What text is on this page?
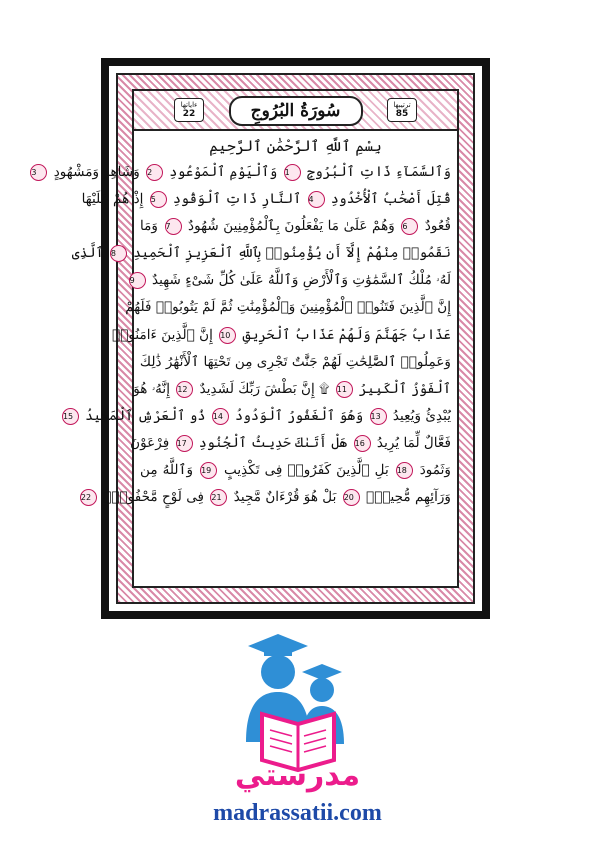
ءاياتها
22	سُورَةُ البُرُوجِ	ترتيبها
85
بِسْمِ ٱللَّهِ ٱلرَّحْمَٰنِ ٱلرَّحِيمِ
وَٱلسَّمَآءِ ذَاتِ ٱلْبُرُوجِ 1 وَٱلْيَوْمِ ٱلْمَوْعُودِ 2 وَشَاهِدٍ وَمَشْهُودٍ 3
قُتِلَ أَصْحَٰبُ ٱلْأُخْدُودِ 4 ٱلنَّارِ ذَاتِ ٱلْوَقُودِ 5 إِذْ هُمْ عَلَيْهَا
قُعُودٌ 6 وَهُمْ عَلَىٰ مَا يَفْعَلُونَ بِٱلْمُؤْمِنِينَ شُهُودٌ 7 وَمَا
نَقَمُوا۟ مِنْهُمْ إِلَّآ أَن يُؤْمِنُوا۟ بِٱللَّهِ ٱلْعَزِيزِ ٱلْحَمِيدِ 8 ٱلَّذِى
لَهُۥ مُلْكُ ٱلسَّمَٰوَٰتِ وَٱلْأَرْضِ وَٱللَّهُ عَلَىٰ كُلِّ شَىْءٍ شَهِيدٌ 9
إِنَّ ٱلَّذِينَ فَتَنُوا۟ ٱلْمُؤْمِنِينَ وَٱلْمُؤْمِنَٰتِ ثُمَّ لَمْ يَتُوبُوا۟ فَلَهُمْ
عَذَابُ جَهَنَّمَ وَلَهُمْ عَذَابُ ٱلْحَرِيقِ 10 إِنَّ ٱلَّذِينَ ءَامَنُوا۟
وَعَمِلُوا۟ ٱلصَّٰلِحَٰتِ لَهُمْ جَنَّٰتٌ تَجْرِى مِن تَحْتِهَا ٱلْأَنْهَٰرُ ذَٰلِكَ
ٱلْفَوْزُ ٱلْكَبِيرُ 11 ۩ إِنَّ بَطْشَ رَبِّكَ لَشَدِيدٌ 12 إِنَّهُۥ هُوَ
يُبْدِئُ وَيُعِيدُ 13 وَهُوَ ٱلْغَفُورُ ٱلْوَدُودُ 14 ذُو ٱلْعَرْشِ ٱلْمَجِيدُ 15
فَعَّالٌ لِّمَا يُرِيدُ 16 هَلْ أَتَىٰكَ حَدِيثُ ٱلْجُنُودِ 17 فِرْعَوْنَ
وَثَمُودَ 18 بَلِ ٱلَّذِينَ كَفَرُوا۟ فِى تَكْذِيبٍ 19 وَٱللَّهُ مِن
وَرَآئِهِم مُّحِيطٌۢ 20 بَلْ هُوَ قُرْءَانٌ مَّجِيدٌ 21 فِى لَوْحٍ مَّحْفُوظٍۭ 22
مدرستي
madrassatii.com
